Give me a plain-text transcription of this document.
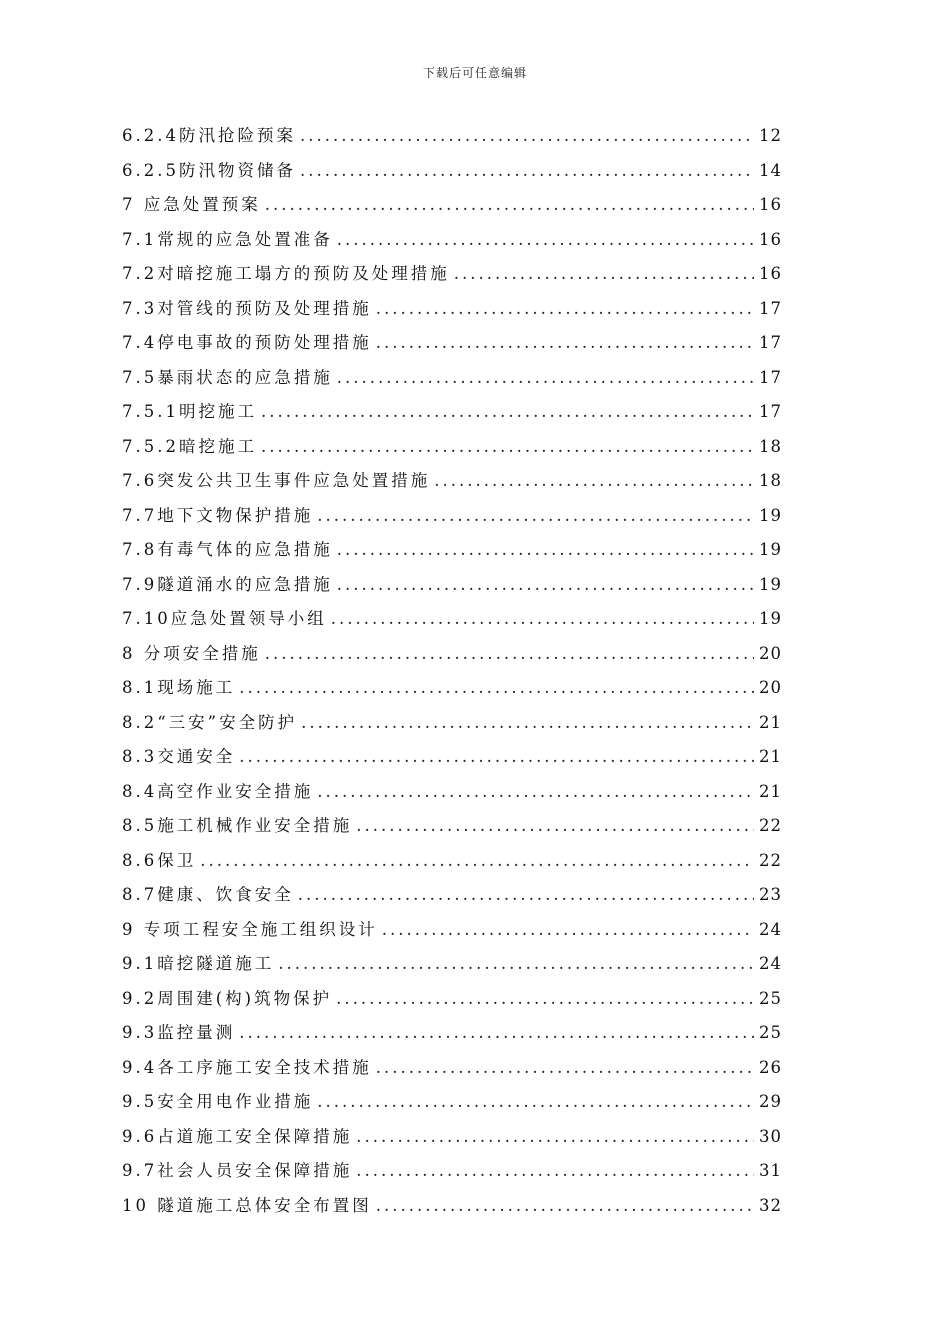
下载后可任意编辑
6.2.4防汛抢险预案 .....	12
6.2.5防汛物资储备 .....	14
7 应急处置预案 .....	16
7.1常规的应急处置准备 .....	16
7.2对暗挖施工塌方的预防及处理措施 .....	16
7.3对管线的预防及处理措施 .....	17
7.4停电事故的预防处理措施 .....	17
7.5暴雨状态的应急措施 .....	17
7.5.1明挖施工 .....	17
7.5.2暗挖施工 .....	18
7.6突发公共卫生事件应急处置措施 .....	18
7.7地下文物保护措施 .....	19
7.8有毒气体的应急措施 .....	19
7.9隧道涌水的应急措施 .....	19
7.10应急处置领导小组 .....	19
8 分项安全措施 .....	20
8.1现场施工 .....	20
8.2“三安”安全防护 .....	21
8.3交通安全 .....	21
8.4高空作业安全措施 .....	21
8.5施工机械作业安全措施 .....	22
8.6保卫 .....	22
8.7健康、饮食安全 .....	23
9 专项工程安全施工组织设计 .....	24
9.1暗挖隧道施工 .....	24
9.2周围建(构)筑物保护 .....	25
9.3监控量测 .....	25
9.4各工序施工安全技术措施 .....	26
9.5安全用电作业措施 .....	29
9.6占道施工安全保障措施 .....	30
9.7社会人员安全保障措施 .....	31
10 隧道施工总体安全布置图 .....	32
